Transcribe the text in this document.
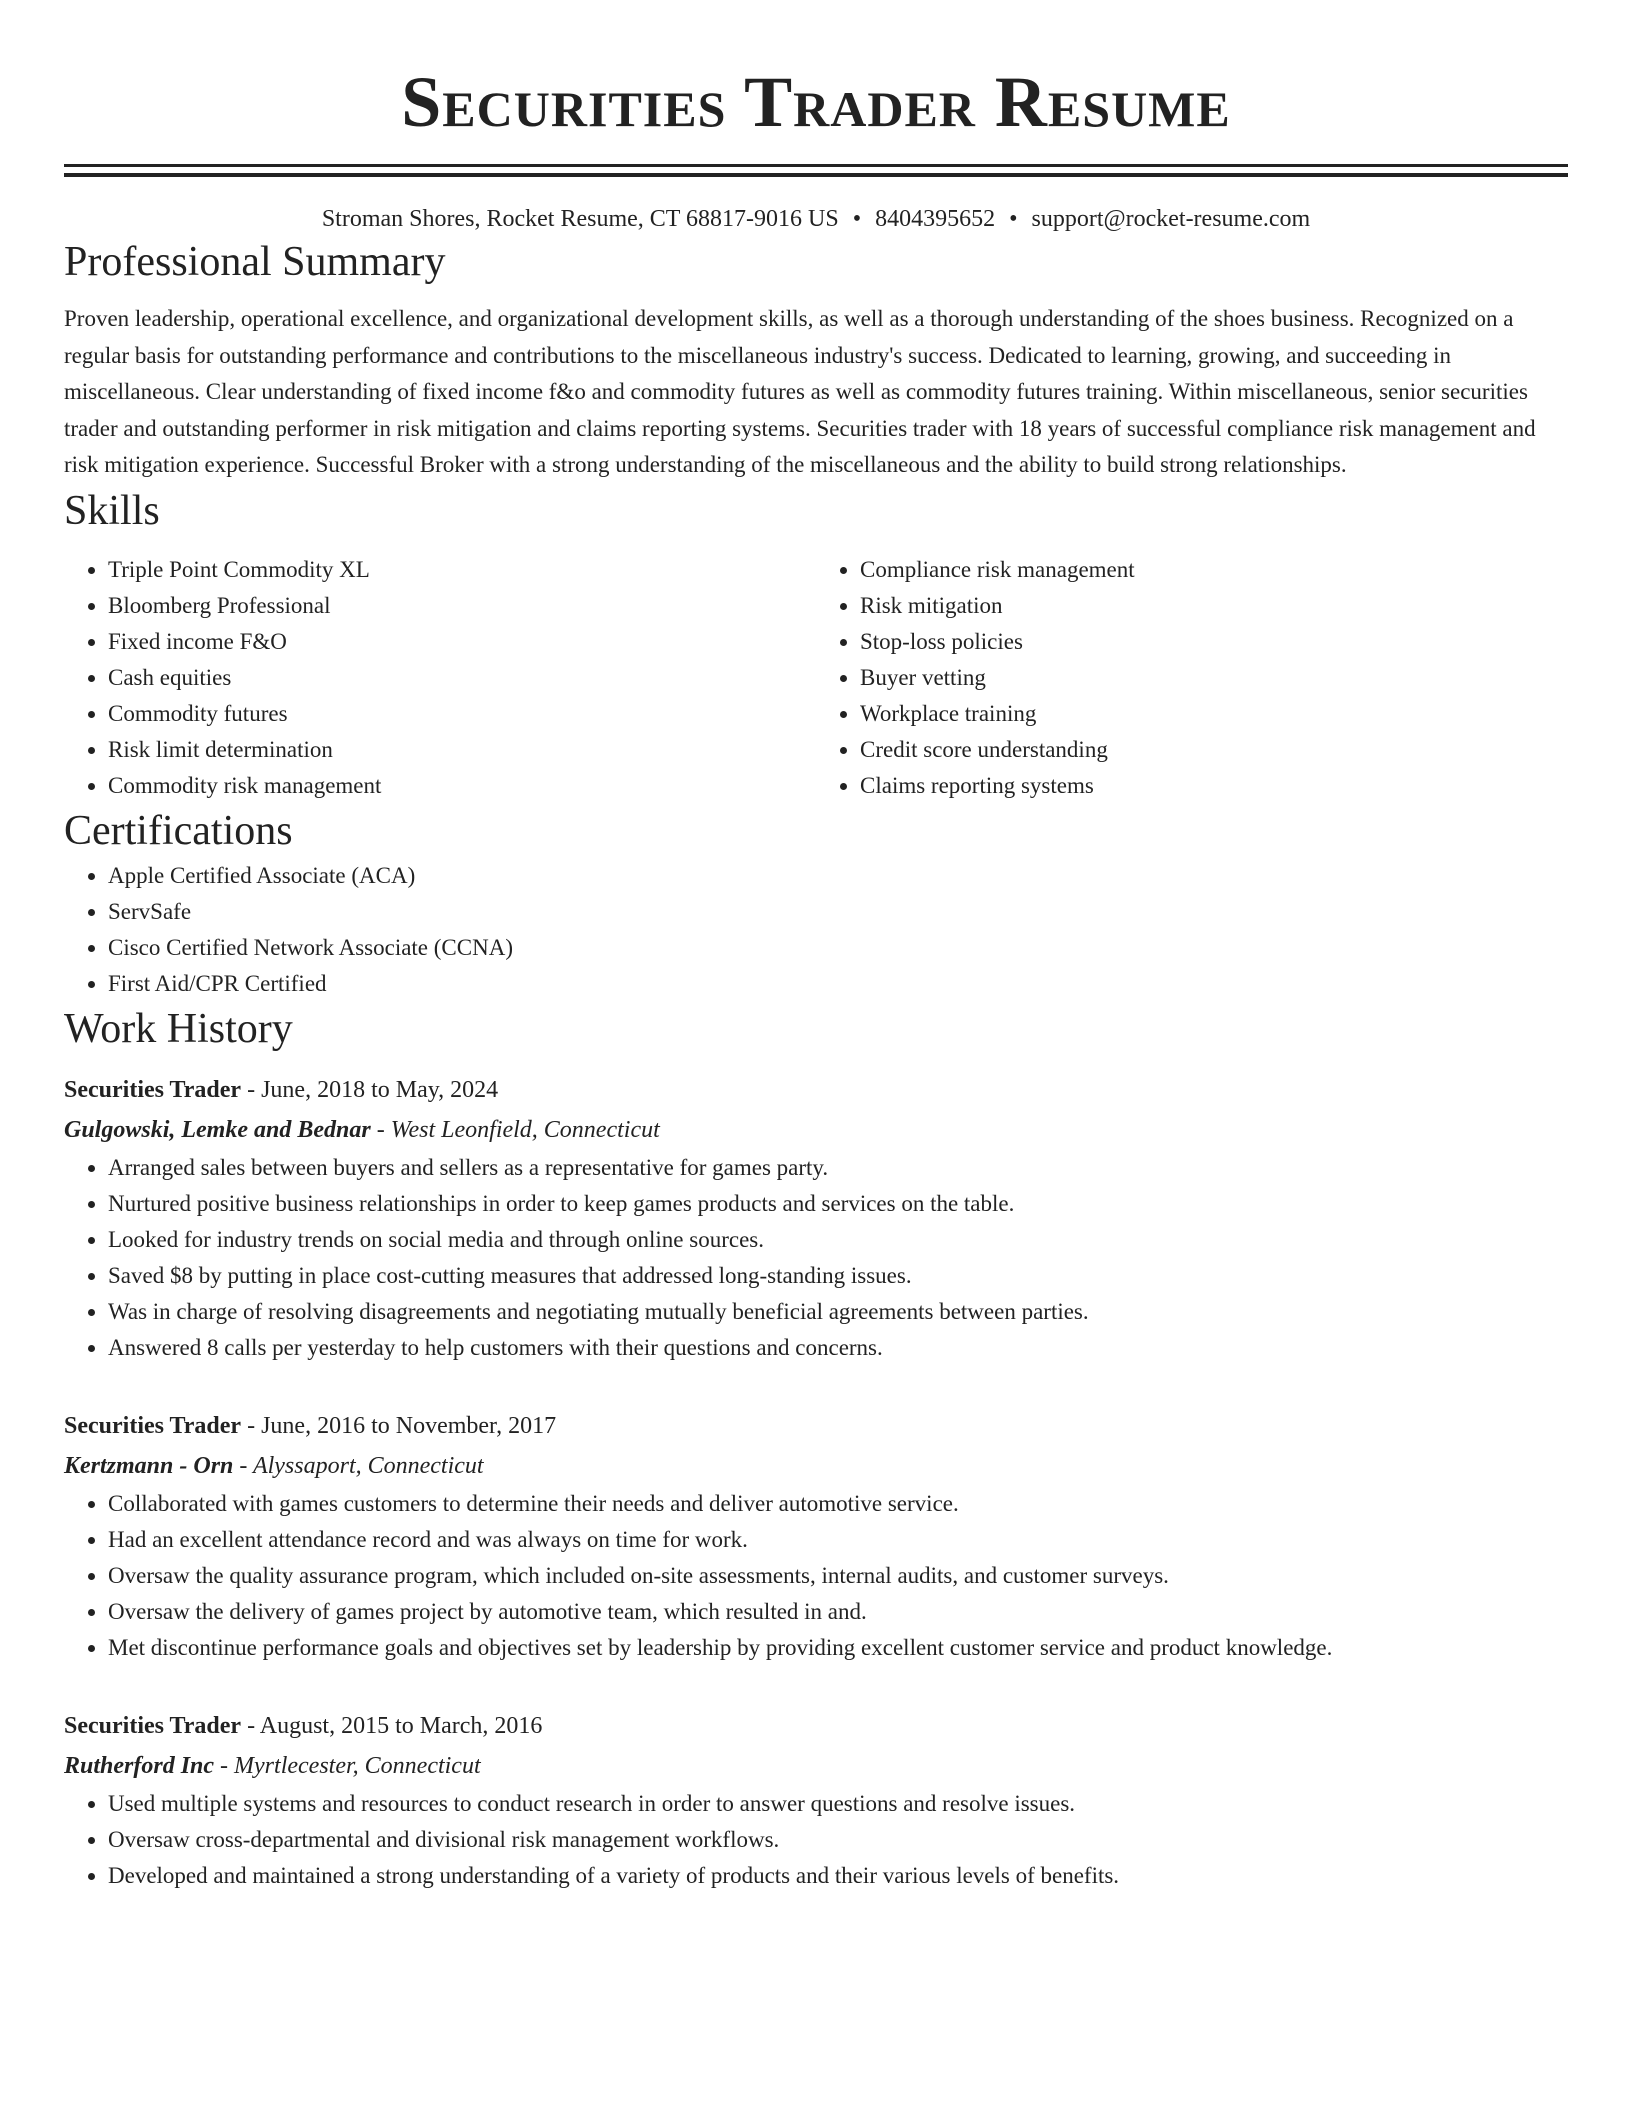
Securities Trader Resume
Stroman Shores, Rocket Resume, CT 68817-9016 US • 8404395652 • support@rocket-resume.com
Professional Summary

Proven leadership, operational excellence, and organizational development skills, as well as a thorough understanding of the shoes business. Recognized on a regular basis for outstanding performance and contributions to the miscellaneous industry's success. Dedicated to learning, growing, and succeeding in miscellaneous. Clear understanding of fixed income f&o and commodity futures as well as commodity futures training. Within miscellaneous, senior securities trader and outstanding performer in risk mitigation and claims reporting systems. Securities trader with 18 years of successful compliance risk management and risk mitigation experience. Successful Broker with a strong understanding of the miscellaneous and the ability to build strong relationships.

Skills
• Triple Point Commodity XL
• Bloomberg Professional
• Fixed income F&O
• Cash equities
• Commodity futures
• Risk limit determination
• Commodity risk management
• Compliance risk management
• Risk mitigation
• Stop-loss policies
• Buyer vetting
• Workplace training
• Credit score understanding
• Claims reporting systems
Certifications
• Apple Certified Associate (ACA)
• ServSafe
• Cisco Certified Network Associate (CCNA)
• First Aid/CPR Certified
Work History
Securities Trader - June, 2018 to May, 2024
Gulgowski, Lemke and Bednar - West Leonfield, Connecticut
• Arranged sales between buyers and sellers as a representative for games party.
• Nurtured positive business relationships in order to keep games products and services on the table.
• Looked for industry trends on social media and through online sources.
• Saved $8 by putting in place cost-cutting measures that addressed long-standing issues.
• Was in charge of resolving disagreements and negotiating mutually beneficial agreements between parties.
• Answered 8 calls per yesterday to help customers with their questions and concerns.
Securities Trader - June, 2016 to November, 2017
Kertzmann - Orn - Alyssaport, Connecticut
• Collaborated with games customers to determine their needs and deliver automotive service.
• Had an excellent attendance record and was always on time for work.
• Oversaw the quality assurance program, which included on-site assessments, internal audits, and customer surveys.
• Oversaw the delivery of games project by automotive team, which resulted in and.
• Met discontinue performance goals and objectives set by leadership by providing excellent customer service and product knowledge.
Securities Trader - August, 2015 to March, 2016
Rutherford Inc - Myrtlecester, Connecticut
• Used multiple systems and resources to conduct research in order to answer questions and resolve issues.
• Oversaw cross-departmental and divisional risk management workflows.
• Developed and maintained a strong understanding of a variety of products and their various levels of benefits.
